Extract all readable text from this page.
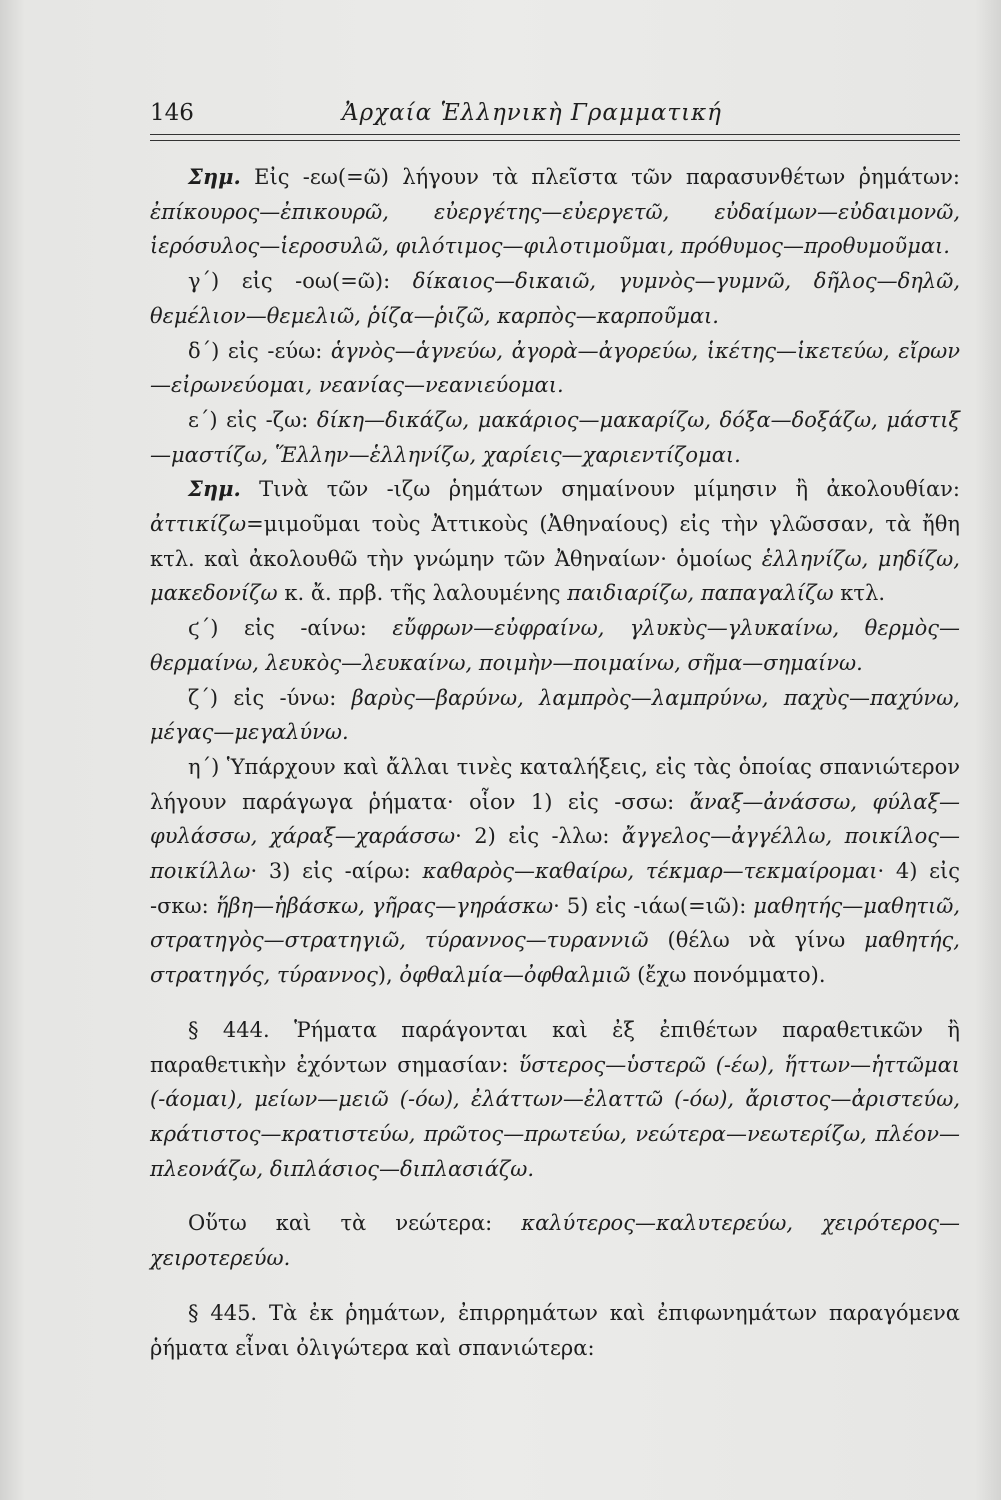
146	Ἀρχαία Ἑλληνικὴ Γραμματική

Σημ. Εἰς -εω(=ῶ) λήγουν τὰ πλεῖστα τῶν παρασυνθέτων ῥημάτων: ἐπίκουρος—ἐπικουρῶ, εὐεργέτης—εὐεργετῶ, εὐδαίμων—εὐδαιμονῶ, ἱερόσυλος—ἱεροσυλῶ, φιλότιμος—φιλοτιμοῦμαι, πρόθυμος—προθυμοῦμαι.

γ΄) εἰς -οω(=ῶ): δίκαιος—δικαιῶ, γυμνὸς—γυμνῶ, δῆλος—δηλῶ, θεμέλιον—θεμελιῶ, ῥίζα—ῥιζῶ, καρπὸς—καρποῦμαι.

δ΄) εἰς -εύω: ἁγνὸς—ἁγνεύω, ἀγορὰ—ἀγορεύω, ἱκέτης—ἱκετεύω, εἴρων—εἰρωνεύομαι, νεανίας—νεανιεύομαι.

ε΄) εἰς -ζω: δίκη—δικάζω, μακάριος—μακαρίζω, δόξα—δοξάζω, μάστιξ—μαστίζω, Ἕλλην—ἑλληνίζω, χαρίεις—χαριεντίζομαι.

Σημ. Τινὰ τῶν -ιζω ῥημάτων σημαίνουν μίμησιν ἢ ἀκολουθίαν: ἀττικίζω=μιμοῦμαι τοὺς Ἀττικοὺς (Ἀθηναίους) εἰς τὴν γλῶσσαν, τὰ ἤθη κτλ. καὶ ἀκολουθῶ τὴν γνώμην τῶν Ἀθηναίων· ὁμοίως ἑλληνίζω, μηδίζω, μακεδονίζω κ. ἄ. πρβ. τῆς λαλουμένης παιδιαρίζω, παπαγαλίζω κτλ.

ϛ΄) εἰς -αίνω: εὔφρων—εὐφραίνω, γλυκὺς—γλυκαίνω, θερμὸς—θερμαίνω, λευκὸς—λευκαίνω, ποιμὴν—ποιμαίνω, σῆμα—σημαίνω.

ζ΄) εἰς -ύνω: βαρὺς—βαρύνω, λαμπρὸς—λαμπρύνω, παχὺς—παχύνω, μέγας—μεγαλύνω.

η΄) Ὑπάρχουν καὶ ἄλλαι τινὲς καταλήξεις, εἰς τὰς ὁποίας σπανιώτερον λήγουν παράγωγα ῥήματα· οἷον 1) εἰς -σσω: ἄναξ—ἀνάσσω, φύλαξ—φυλάσσω, χάραξ—χαράσσω· 2) εἰς -λλω: ἄγγελος—ἀγγέλλω, ποικίλος—ποικίλλω· 3) εἰς -αίρω: καθαρὸς—καθαίρω, τέκμαρ—τεκμαίρομαι· 4) εἰς -σκω: ἥβη—ἡβάσκω, γῆρας—γηράσκω· 5) εἰς -ιάω(=ιῶ): μαθητής—μαθητιῶ, στρατηγὸς—στρατηγιῶ, τύραννος—τυραννιῶ (θέλω νὰ γίνω μαθητής, στρατηγός, τύραννος), ὀφθαλμία—ὀφθαλμιῶ (ἔχω πονόμματο).

§ 444. Ῥήματα παράγονται καὶ ἐξ ἐπιθέτων παραθετικῶν ἢ παραθετικὴν ἐχόντων σημασίαν: ὕστερος—ὑστερῶ (-έω), ἥττων—ἡττῶμαι (-άομαι), μείων—μειῶ (-όω), ἐλάττων—ἐλαττῶ (-όω), ἄριστος—ἀριστεύω, κράτιστος—κρατιστεύω, πρῶτος—πρωτεύω, νεώτερα—νεωτερίζω, πλέον—πλεονάζω, διπλάσιος—διπλασιάζω.

Οὕτω καὶ τὰ νεώτερα: καλύτερος—καλυτερεύω, χειρότερος—χειροτερεύω.

§ 445. Τὰ ἐκ ῥημάτων, ἐπιρρημάτων καὶ ἐπιφωνημάτων παραγόμενα ῥήματα εἶναι ὀλιγώτερα καὶ σπανιώτερα:
